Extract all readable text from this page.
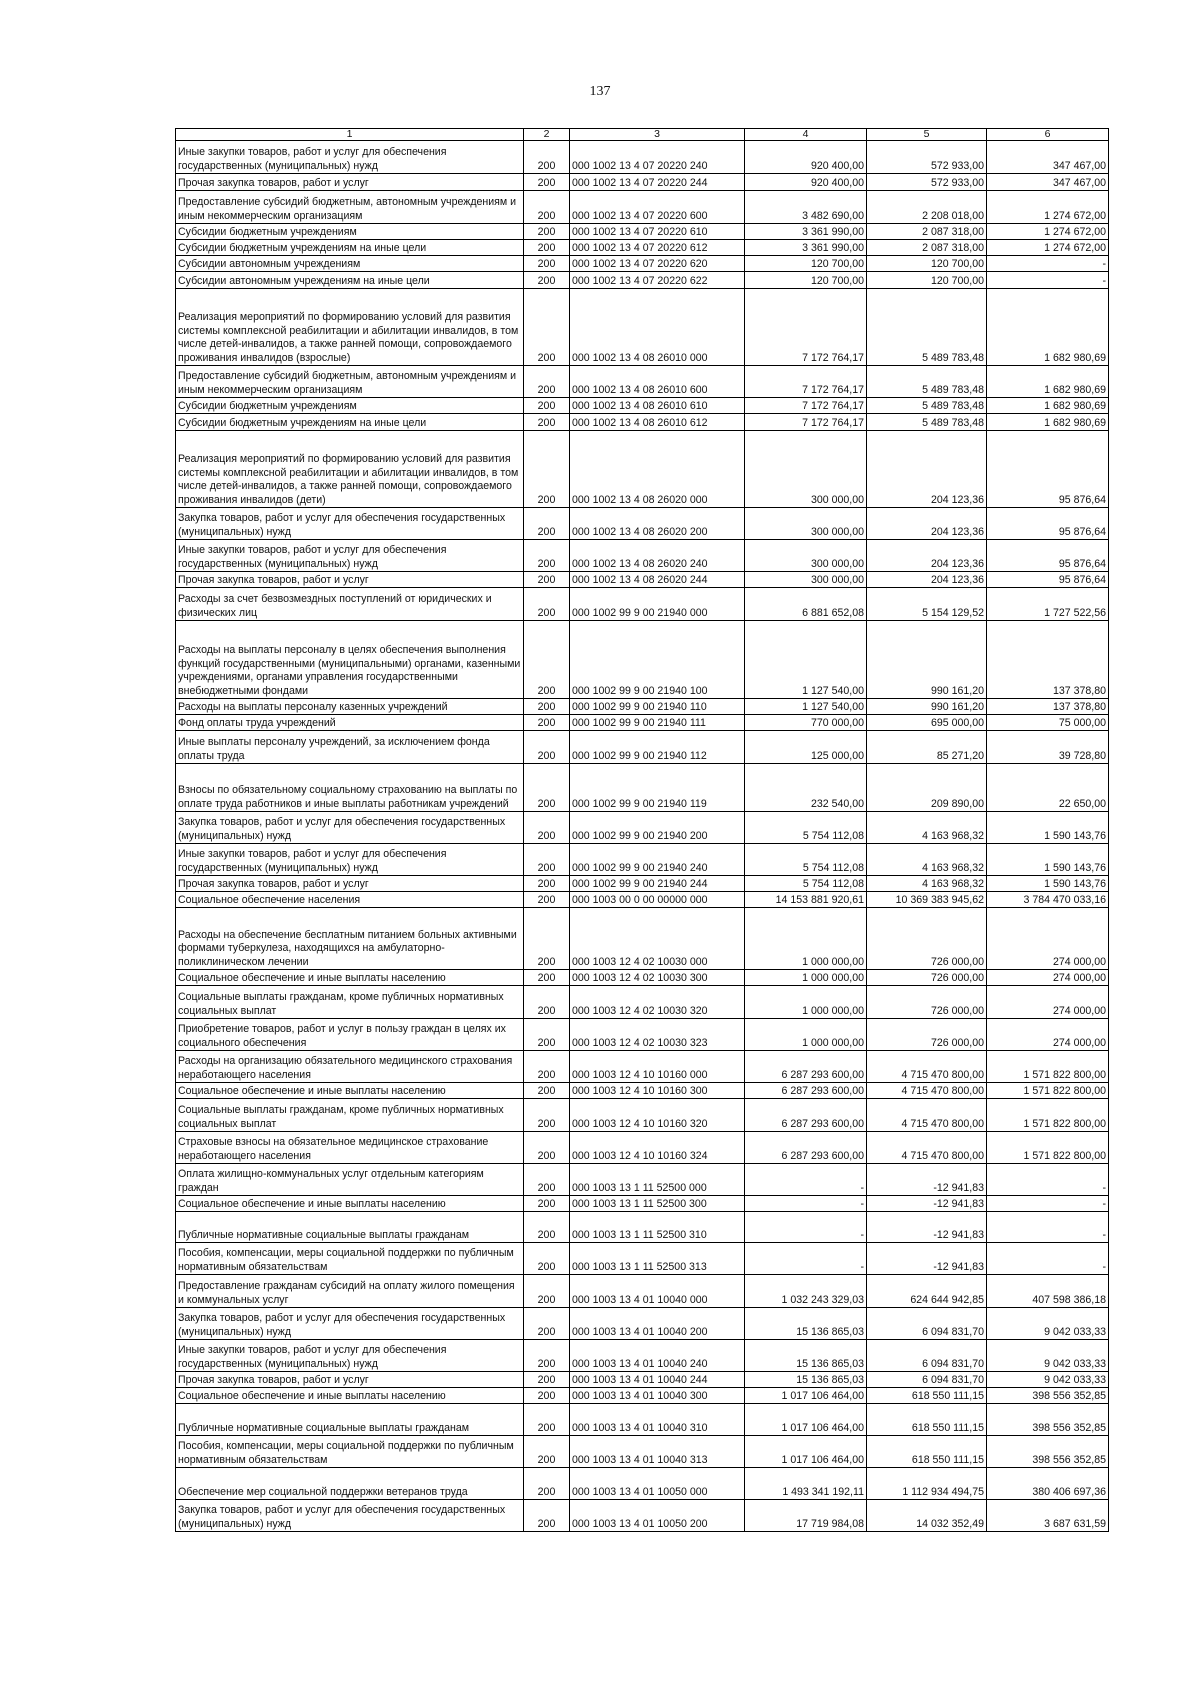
137
1	2	3	4	5	6
Иные закупки товаров, работ и услуг для обеспечения государственных (муниципальных) нужд	200	000 1002 13 4 07 20220 240	920 400,00	572 933,00	347 467,00
Прочая закупка товаров, работ и услуг	200	000 1002 13 4 07 20220 244	920 400,00	572 933,00	347 467,00
Предоставление субсидий бюджетным, автономным учреждениям и иным некоммерческим организациям	200	000 1002 13 4 07 20220 600	3 482 690,00	2 208 018,00	1 274 672,00
Субсидии бюджетным учреждениям	200	000 1002 13 4 07 20220 610	3 361 990,00	2 087 318,00	1 274 672,00
Субсидии бюджетным учреждениям на иные цели	200	000 1002 13 4 07 20220 612	3 361 990,00	2 087 318,00	1 274 672,00
Субсидии автономным учреждениям	200	000 1002 13 4 07 20220 620	120 700,00	120 700,00	-
Субсидии автономным учреждениям на иные цели	200	000 1002 13 4 07 20220 622	120 700,00	120 700,00	-
Реализация мероприятий по формированию условий для развития системы комплексной реабилитации и абилитации инвалидов, в том числе детей-инвалидов, а также ранней помощи, сопровождаемого проживания инвалидов (взрослые)	200	000 1002 13 4 08 26010 000	7 172 764,17	5 489 783,48	1 682 980,69
Предоставление субсидий бюджетным, автономным учреждениям и иным некоммерческим организациям	200	000 1002 13 4 08 26010 600	7 172 764,17	5 489 783,48	1 682 980,69
Субсидии бюджетным учреждениям	200	000 1002 13 4 08 26010 610	7 172 764,17	5 489 783,48	1 682 980,69
Субсидии бюджетным учреждениям на иные цели	200	000 1002 13 4 08 26010 612	7 172 764,17	5 489 783,48	1 682 980,69
Реализация мероприятий по формированию условий для развития системы комплексной реабилитации и абилитации инвалидов, в том числе детей-инвалидов, а также ранней помощи, сопровождаемого проживания инвалидов (дети)	200	000 1002 13 4 08 26020 000	300 000,00	204 123,36	95 876,64
Закупка товаров, работ и услуг для обеспечения государственных (муниципальных) нужд	200	000 1002 13 4 08 26020 200	300 000,00	204 123,36	95 876,64
Иные закупки товаров, работ и услуг для обеспечения государственных (муниципальных) нужд	200	000 1002 13 4 08 26020 240	300 000,00	204 123,36	95 876,64
Прочая закупка товаров, работ и услуг	200	000 1002 13 4 08 26020 244	300 000,00	204 123,36	95 876,64
Расходы за счет безвозмездных поступлений от юридических и физических лиц	200	000 1002 99 9 00 21940 000	6 881 652,08	5 154 129,52	1 727 522,56
Расходы на выплаты персоналу в целях обеспечения выполнения функций государственными (муниципальными) органами, казенными учреждениями, органами управления государственными внебюджетными фондами	200	000 1002 99 9 00 21940 100	1 127 540,00	990 161,20	137 378,80
Расходы на выплаты персоналу казенных учреждений	200	000 1002 99 9 00 21940 110	1 127 540,00	990 161,20	137 378,80
Фонд оплаты труда учреждений	200	000 1002 99 9 00 21940 111	770 000,00	695 000,00	75 000,00
Иные выплаты персоналу учреждений, за исключением фонда оплаты труда	200	000 1002 99 9 00 21940 112	125 000,00	85 271,20	39 728,80
Взносы по обязательному социальному страхованию на выплаты по оплате труда работников и иные выплаты работникам учреждений	200	000 1002 99 9 00 21940 119	232 540,00	209 890,00	22 650,00
Закупка товаров, работ и услуг для обеспечения государственных (муниципальных) нужд	200	000 1002 99 9 00 21940 200	5 754 112,08	4 163 968,32	1 590 143,76
Иные закупки товаров, работ и услуг для обеспечения государственных (муниципальных) нужд	200	000 1002 99 9 00 21940 240	5 754 112,08	4 163 968,32	1 590 143,76
Прочая закупка товаров, работ и услуг	200	000 1002 99 9 00 21940 244	5 754 112,08	4 163 968,32	1 590 143,76
Социальное обеспечение населения	200	000 1003 00 0 00 00000 000	14 153 881 920,61	10 369 383 945,62	3 784 470 033,16
Расходы на обеспечение бесплатным питанием больных активными формами туберкулеза, находящихся на амбулаторно-поликлиническом лечении	200	000 1003 12 4 02 10030 000	1 000 000,00	726 000,00	274 000,00
Социальное обеспечение и иные выплаты населению	200	000 1003 12 4 02 10030 300	1 000 000,00	726 000,00	274 000,00
Социальные выплаты гражданам, кроме публичных нормативных социальных выплат	200	000 1003 12 4 02 10030 320	1 000 000,00	726 000,00	274 000,00
Приобретение товаров, работ и услуг в пользу граждан в целях их социального обеспечения	200	000 1003 12 4 02 10030 323	1 000 000,00	726 000,00	274 000,00
Расходы на организацию обязательного медицинского страхования неработающего населения	200	000 1003 12 4 10 10160 000	6 287 293 600,00	4 715 470 800,00	1 571 822 800,00
Социальное обеспечение и иные выплаты населению	200	000 1003 12 4 10 10160 300	6 287 293 600,00	4 715 470 800,00	1 571 822 800,00
Социальные выплаты гражданам, кроме публичных нормативных социальных выплат	200	000 1003 12 4 10 10160 320	6 287 293 600,00	4 715 470 800,00	1 571 822 800,00
Страховые взносы на обязательное медицинское страхование неработающего населения	200	000 1003 12 4 10 10160 324	6 287 293 600,00	4 715 470 800,00	1 571 822 800,00
Оплата жилищно-коммунальных услуг отдельным категориям граждан	200	000 1003 13 1 11 52500 000	-	-12 941,83	-
Социальное обеспечение и иные выплаты населению	200	000 1003 13 1 11 52500 300	-	-12 941,83	-
Публичные нормативные социальные выплаты гражданам	200	000 1003 13 1 11 52500 310	-	-12 941,83	-
Пособия, компенсации, меры социальной поддержки по публичным нормативным обязательствам	200	000 1003 13 1 11 52500 313	-	-12 941,83	-
Предоставление гражданам субсидий на оплату жилого помещения и коммунальных услуг	200	000 1003 13 4 01 10040 000	1 032 243 329,03	624 644 942,85	407 598 386,18
Закупка товаров, работ и услуг для обеспечения государственных (муниципальных) нужд	200	000 1003 13 4 01 10040 200	15 136 865,03	6 094 831,70	9 042 033,33
Иные закупки товаров, работ и услуг для обеспечения государственных (муниципальных) нужд	200	000 1003 13 4 01 10040 240	15 136 865,03	6 094 831,70	9 042 033,33
Прочая закупка товаров, работ и услуг	200	000 1003 13 4 01 10040 244	15 136 865,03	6 094 831,70	9 042 033,33
Социальное обеспечение и иные выплаты населению	200	000 1003 13 4 01 10040 300	1 017 106 464,00	618 550 111,15	398 556 352,85
Публичные нормативные социальные выплаты гражданам	200	000 1003 13 4 01 10040 310	1 017 106 464,00	618 550 111,15	398 556 352,85
Пособия, компенсации, меры социальной поддержки по публичным нормативным обязательствам	200	000 1003 13 4 01 10040 313	1 017 106 464,00	618 550 111,15	398 556 352,85
Обеспечение мер социальной поддержки ветеранов труда	200	000 1003 13 4 01 10050 000	1 493 341 192,11	1 112 934 494,75	380 406 697,36
Закупка товаров, работ и услуг для обеспечения государственных (муниципальных) нужд	200	000 1003 13 4 01 10050 200	17 719 984,08	14 032 352,49	3 687 631,59
